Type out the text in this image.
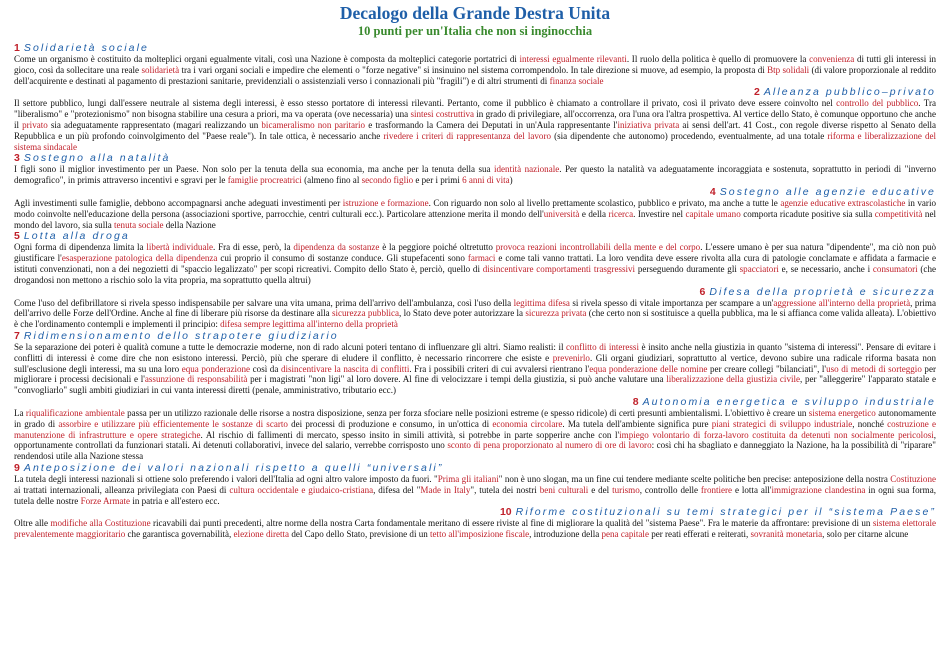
Decalogo della Grande Destra Unita
10 punti per un'Italia che non si inginocchia
1 Solidarietà sociale

Come un organismo è costituito da molteplici organi egualmente vitali, così una Nazione è composta da molteplici categorie portatrici di interessi egualmente rilevanti. Il ruolo della politica è quello di promuovere la convenienza di tutti gli interessi in gioco, così da sollecitare una reale solidarietà tra i vari organi sociali e impedire che elementi o "forze negative" si insinuino nel sistema corrompendolo. In tale direzione si muove, ad esempio, la proposta di Btp solidali (di valore proporzionale al reddito dell'acquirente e destinati al pagamento di prestazioni sanitarie, previdenziali o assistenziali verso i connazionali più "fragili") e di altri strumenti di finanza sociale

2 Alleanza pubblico–privato

Il settore pubblico, lungi dall'essere neutrale al sistema degli interessi, è esso stesso portatore di interessi rilevanti. Pertanto, come il pubblico è chiamato a controllare il privato, così il privato deve essere coinvolto nel controllo del pubblico. Tra "liberalismo" e "protezionismo" non bisogna stabilire una cesura a priori, ma va operata (ove necessaria) una sintesi costruttiva in grado di privilegiare, all'occorrenza, ora l'una ora l'altra prospettiva. Al vertice dello Stato, è comunque opportuno che anche il privato sia adeguatamente rappresentato (magari realizzando un bicameralismo non paritario e trasformando la Camera dei Deputati in un'Aula rappresentante l'iniziativa privata ai sensi dell'art. 41 Cost., con regole diverse rispetto al Senato della Repubblica e un più profondo coinvolgimento del "Paese reale"). In tale ottica, è necessario anche rivedere i criteri di rappresentanza del lavoro (sia dipendente che autonomo) procedendo, eventualmente, ad una totale riforma e liberalizzazione del sistema sindacale

3 Sostegno alla natalità

I figli sono il miglior investimento per un Paese. Non solo per la tenuta della sua economia, ma anche per la tenuta della sua identità nazionale. Per questo la natalità va adeguatamente incoraggiata e sostenuta, soprattutto in periodi di "inverno demografico", in primis attraverso incentivi e sgravi per le famiglie procreatrici (almeno fino al secondo figlio e per i primi 6 anni di vita)

4 Sostegno alle agenzie educative

Agli investimenti sulle famiglie, debbono accompagnarsi anche adeguati investimenti per istruzione e formazione. Con riguardo non solo al livello prettamente scolastico, pubblico e privato, ma anche a tutte le agenzie educative extrascolastiche in vario modo coinvolte nell'educazione della persona (associazioni sportive, parrocchie, centri culturali ecc.). Particolare attenzione merita il mondo dell'università e della ricerca. Investire nel capitale umano comporta ricadute positive sia sulla competitività nel mondo del lavoro, sia sulla tenuta sociale della Nazione

5 Lotta alla droga

Ogni forma di dipendenza limita la libertà individuale. Fra di esse, però, la dipendenza da sostanze è la peggiore poiché oltretutto provoca reazioni incontrollabili della mente e del corpo. L'essere umano è per sua natura "dipendente", ma ciò non può giustificare l'esasperazione patologica della dipendenza cui proprio il consumo di sostanze conduce. Gli stupefacenti sono farmaci e come tali vanno trattati. La loro vendita deve essere rivolta alla cura di patologie conclamate e affidata a farmacie e istituti convenzionati, non a dei negozietti di "spaccio legalizzato" per scopi ricreativi. Compito dello Stato è, perciò, quello di disincentivare comportamenti trasgressivi perseguendo duramente gli spacciatori e, se necessario, anche i consumatori (che drogandosi non mettono a rischio solo la vita propria, ma soprattutto quella altrui)

6 Difesa della proprietà e sicurezza

Come l'uso del defibrillatore si rivela spesso indispensabile per salvare una vita umana, prima dell'arrivo dell'ambulanza, così l'uso della legittima difesa si rivela spesso di vitale importanza per scampare a un'aggressione all'interno della proprietà, prima dell'arrivo delle Forze dell'Ordine. Anche al fine di liberare più risorse da destinare alla sicurezza pubblica, lo Stato deve poter autorizzare la sicurezza privata (che certo non si sostituisce a quella pubblica, ma le si affianca come valida alleata). L'obiettivo è che l'ordinamento contempli e implementi il principio: difesa sempre legittima all'interno della proprietà

7 Ridimensionamento dello strapotere giudiziario

Se la separazione dei poteri è qualità comune a tutte le democrazie moderne, non di rado alcuni poteri tentano di influenzare gli altri. Siamo realisti: il conflitto di interessi è insito anche nella giustizia in quanto "sistema di interessi". Pensare di evitare i conflitti di interessi è come dire che non esistono interessi. Perciò, più che sperare di eludere il conflitto, è necessario rincorrere che esiste e prevenirlo. Gli organi giudiziari, soprattutto al vertice, devono subire una radicale riforma basata non sull'esclusione degli interessi, ma su una loro equa ponderazione così da disincentivare la nascita di conflitti. Fra i possibili criteri di cui avvalersi rientrano l'equa ponderazione delle nomine per creare collegi "bilanciati", l'uso di metodi di sorteggio per migliorare i processi decisionali e l'assunzione di responsabilità per i magistrati "non ligi" al loro dovere. Al fine di velocizzare i tempi della giustizia, si può anche valutare una liberalizzazione della giustizia civile, per "alleggerire" l'apparato statale e "convogliarlo" sugli ambiti giudiziari in cui vanta interessi diretti (penale, amministrativo, tributario ecc.)

8 Autonomia energetica e sviluppo industriale

La riqualificazione ambientale passa per un utilizzo razionale delle risorse a nostra disposizione, senza per forza sfociare nelle posizioni estreme (e spesso ridicole) di certi presunti ambientalismi. L'obiettivo è creare un sistema energetico autonomamente in grado di assorbire e utilizzare più efficientemente le sostanze di scarto dei processi di produzione e consumo, in un'ottica di economia circolare. Ma tutela dell'ambiente significa pure piani strategici di sviluppo industriale, nonché costruzione e manutenzione di infrastrutture e opere strategiche. Al rischio di fallimenti di mercato, spesso insito in simili attività, si potrebbe in parte sopperire anche con l'impiego volontario di forza-lavoro costituita da detenuti non socialmente pericolosi, opportunamente controllati da funzionari statali. Ai detenuti collaborativi, invece del salario, verrebbe corrisposto uno sconto di pena proporzionato al numero di ore di lavoro: così chi ha sbagliato e danneggiato la Nazione, ha la possibilità di "riparare" rendendosi utile alla Nazione stessa

9 Anteposizione dei valori nazionali rispetto a quelli “universali”

La tutela degli interessi nazionali si ottiene solo preferendo i valori dell'Italia ad ogni altro valore imposto da fuori. "Prima gli italiani" non è uno slogan, ma un fine cui tendere mediante scelte politiche ben precise: anteposizione della nostra Costituzione ai trattati internazionali, alleanza privilegiata con Paesi di cultura occidentale e giudaico-cristiana, difesa del "Made in Italy", tutela dei nostri beni culturali e del turismo, controllo delle frontiere e lotta all'immigrazione clandestina in ogni sua forma, tutela delle nostre Forze Armate in patria e all'estero ecc.

10 Riforme costituzionali su temi strategici per il “sistema Paese”

Oltre alle modifiche alla Costituzione ricavabili dai punti precedenti, altre norme della nostra Carta fondamentale meritano di essere riviste al fine di migliorare la qualità del "sistema Paese". Fra le materie da affrontare: previsione di un sistema elettorale prevalentemente maggioritario che garantisca governabilità, elezione diretta del Capo dello Stato, previsione di un tetto all'imposizione fiscale, introduzione della pena capitale per reati efferati e reiterati, sovranità monetaria, solo per citarne alcune
